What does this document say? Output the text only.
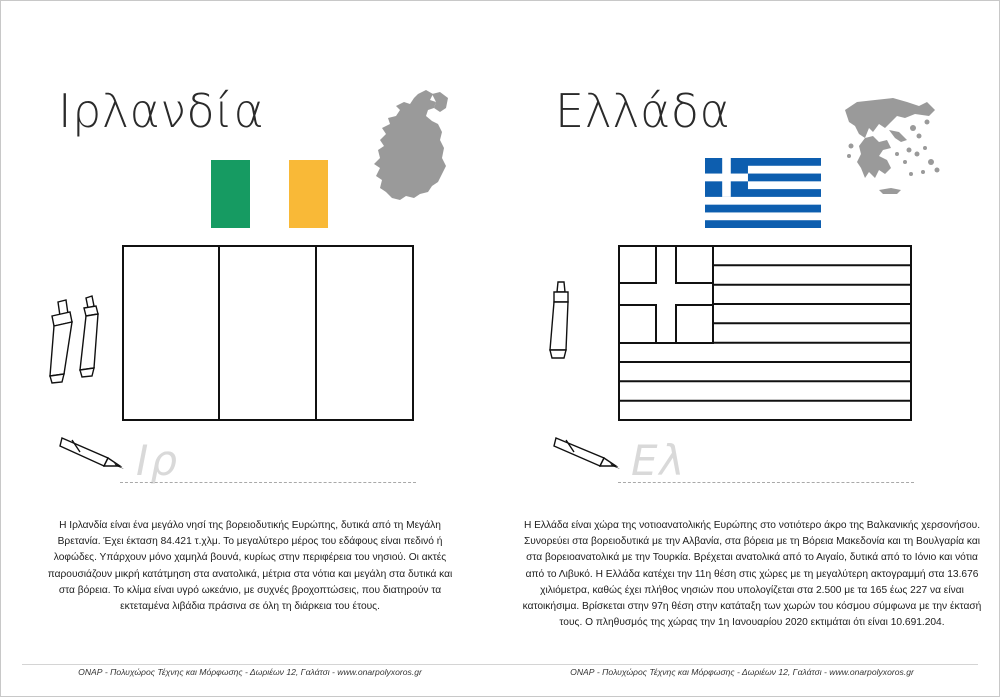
Ιρλανδία
Ιρ

Η Ιρλανδία είναι ένα μεγάλο νησί της βορειοδυτικής Ευρώπης, δυτικά από τη Μεγάλη Βρετανία. Έχει έκταση 84.421 τ.χλμ. Το μεγαλύτερο μέρος του εδάφους είναι πεδινό ή λοφώδες. Υπάρχουν μόνο χαμηλά βουνά, κυρίως στην περιφέρεια του νησιού. Οι ακτές παρουσιάζουν μικρή κατάτμηση στα ανατολικά, μέτρια στα νότια και μεγάλη στα δυτικά και στα βόρεια. Το κλίμα είναι υγρό ωκεάνιο, με συχνές βροχοπτώσεις, που διατηρούν τα εκτεταμένα λιβάδια πράσινα σε όλη τη διάρκεια του έτους.

ΟΝΑΡ - Πολυχώρος Τέχνης και Μόρφωσης - Δωριέων 12, Γαλάτσι - www.onarpolyxoros.gr
Ελλάδα
Ελ

Η Ελλάδα είναι χώρα της νοτιοανατολικής Ευρώπης στο νοτιότερο άκρο της Βαλκανικής χερσονήσου. Συνορεύει στα βορειοδυτικά με την Αλβανία, στα βόρεια με τη Βόρεια Μακεδονία και τη Βουλγαρία και στα βορειοανατολικά με την Τουρκία. Βρέχεται ανατολικά από το Αιγαίο, δυτικά από το Ιόνιο και νότια από το Λιβυκό. Η Ελλάδα κατέχει την 11η θέση στις χώρες με τη μεγαλύτερη ακτογραμμή στα 13.676 χιλιόμετρα, καθώς έχει πλήθος νησιών που υπολογίζεται στα 2.500 με τα 165 έως 227 να είναι κατοικήσιμα. Βρίσκεται στην 97η θέση στην κατάταξη των χωρών του κόσμου σύμφωνα με την έκτασή τους. Ο πληθυσμός της χώρας την 1η Ιανουαρίου 2020 εκτιμάται ότι είναι 10.691.204.

ΟΝΑΡ - Πολυχώρος Τέχνης και Μόρφωσης - Δωριέων 12, Γαλάτσι - www.onarpolyxoros.gr
